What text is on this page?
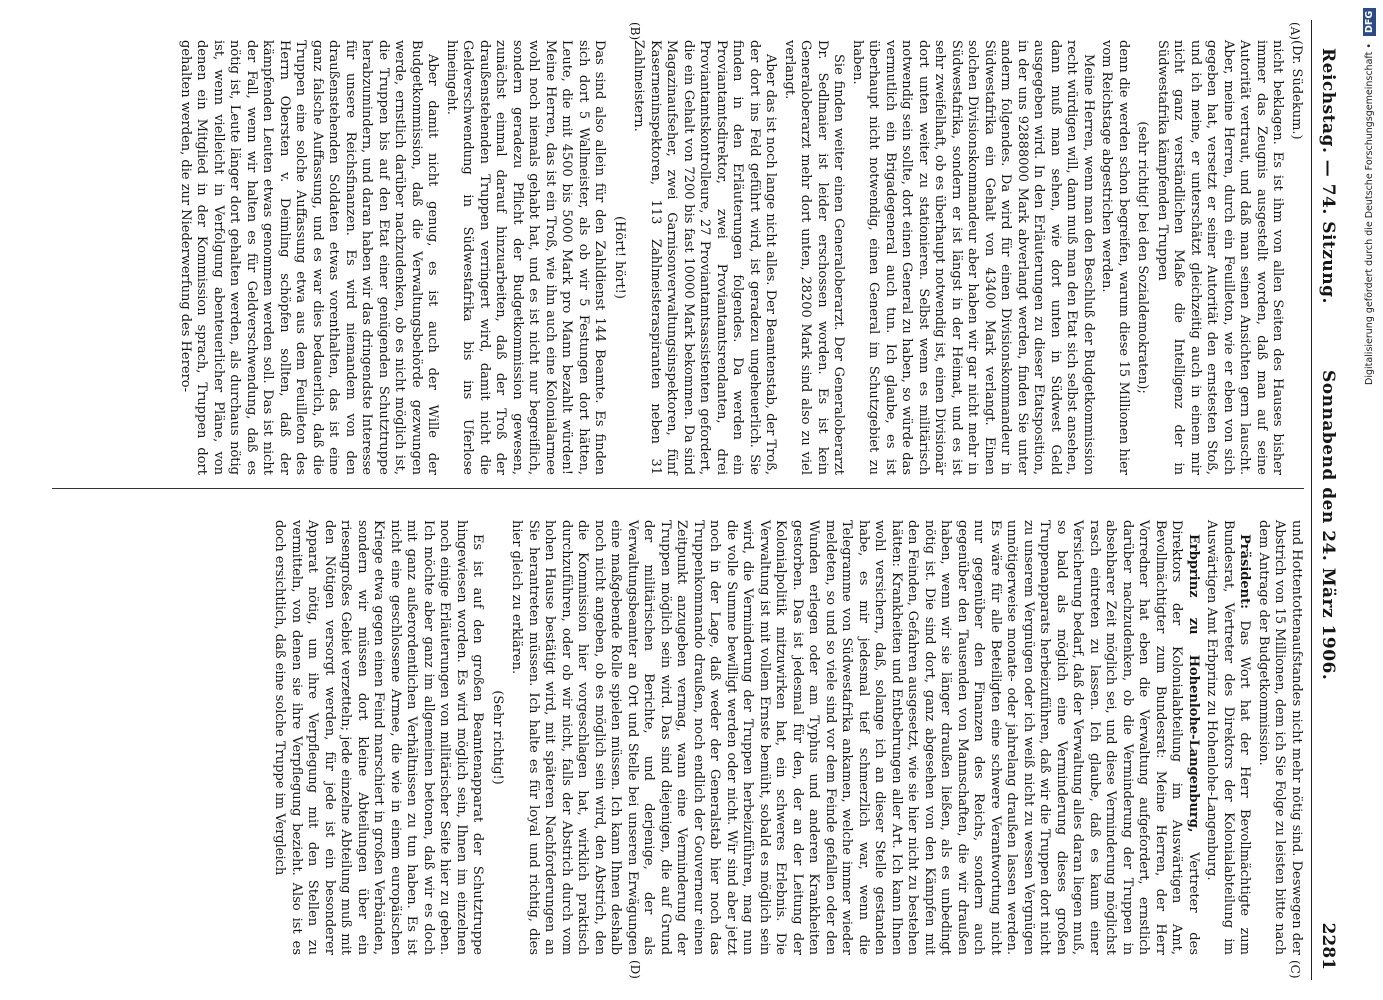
Reichstag. — 74. Sitzung.
Sonnabend den 24. März 1906.
2281
(A)
(B)
(C)
(D)

(Dr. Südekum.)

nicht beklagen. Es ist ihm von allen Seiten des Hauses bisher immer das Zeugnis ausgestellt worden, daß man auf seine Autorität vertraut, und daß man seinen Ansichten gern lauscht. Aber, meine Herren, durch ein Feuilleton, wie er eben von sich gegeben hat, versetzt er seiner Autorität den ernstesten Stoß, und ich meine, er unterschätzt gleichzeitig auch in einem mir nicht ganz verständlichen Maße die Intelligenz der in Südwestafrika kämpfenden Truppen

(sehr richtig! bei den Sozialdemokraten);

denn die werden schon begreifen, warum diese 15 Millionen hier vom Reichstage abgestrichen werden.

Meine Herren, wenn man den Beschluß der Budgetkommission recht würdigen will, dann muß man den Etat sich selbst ansehen, dann muß man sehen, wie dort unten in Südwest Geld ausgegeben wird. In den Erläuterungen zu dieser Etatsposition, in der uns 92888000 Mark abverlangt werden, finden Sie unter anderm folgendes. Da wird für einen Divisionskommandeur in Südwestafrika ein Gehalt von 43400 Mark verlangt. Einen solchen Divisionskommandeur aber haben wir gar nicht mehr in Südwestafrika, sondern er ist längst in der Heimat, und es ist sehr zweifelhaft, ob es überhaupt notwendig ist, einen Divisionär dort unten weiter zu stationieren. Selbst wenn es militärisch notwendig sein sollte, dort einen General zu haben, so würde das vermutlich ein Brigadegeneral auch tun. Ich glaube, es ist überhaupt nicht notwendig, einen General im Schutzgebiet zu haben.

Sie finden weiter einen Generaloberarzt. Der Generaloberarzt Dr. Sedlmaier ist leider erschossen worden. Es ist kein Generaloberarzt mehr dort unten, 28200 Mark sind also zu viel verlangt.

Aber das ist noch lange nicht alles. Der Beamtenstab, der Troß, der dort ins Feld geführt wird, ist geradezu ungeheuerlich. Sie finden in den Erläuterungen folgendes. Da werden ein Proviantamtsdirektor, zwei Proviantamtsrendanten, drei Proviantamtskontrolleure, 27 Proviantamtsassistenten gefordert, die ein Gehalt von 7200 bis fast 10000 Mark bekommen. Da sind Magazinaufseher, zwei Garnisonverwaltungsinspektoren, fünf Kaserneninspektoren, 113 Zahlmeisteraspiranten neben 31 Zahlmeistern.

(Hört! hört!)

Das sind also allein für den Zahldienst 144 Beamte. Es finden sich dort 5 Wallmeister, als ob wir 5 Festungen dort hätten, Leute, die mit 4500 bis 5000 Mark pro Mann bezahlt würden! Meine Herren, das ist ein Troß, wie ihn auch eine Kolonialarmee wohl noch niemals gehabt hat, und es ist nicht nur begreiflich, sondern geradezu Pflicht der Budgetkommission gewesen, zunächst einmal darauf hinzuarbeiten, daß der Troß der draußenstehenden Truppen verringert wird, damit nicht die Geldverschwendung in Südwestafrika bis ins Uferlose hineingeht.

Aber damit nicht genug, es ist auch der Wille der Budgetkommission, daß die Verwaltungsbehörde gezwungen werde, ernstlich darüber nachzudenken, ob es nicht möglich ist, die Truppen bis auf den Etat einer genügenden Schutztruppe herabzumindern, und daran haben wir das dringendste Interesse für unsere Reichsfinanzen. Es wird niemandem von den draußenstehenden Soldaten etwas vorenthalten, das ist eine ganz falsche Auffassung, und es war dies bedauerlich, daß die Truppen eine solche Auffassung etwa aus dem Feuilleton des Herrn Obersten v. Deimling schöpfen sollten, daß der kämpfenden Leuten etwas genommen werden soll. Das ist nicht der Fall, wenn wir halten es für Geldverschwendung, daß es nötig ist, Leute länger dort gehalten werden, als durchaus nötig ist, wenn vielleicht in Verfolgung abenteuerlicher Pläne, von denen ein Mitglied in der Kommission sprach, Truppen dort gehalten werden, die zur Niederwerfung des Herero-

und Hottentottenaufstandes nicht mehr nötig sind. Deswegen der Abstrich von 15 Millionen, dem ich Sie Folge zu leisten bitte nach dem Antrage der Budgetkommission.

Präsident: Das Wort hat der Herr Bevollmächtigte zum Bundesrat, Vertreter des Direktors der Kolonialabteilung im Auswärtigen Amt Erbprinz zu Hohenlohe-Langenburg.

Erbprinz zu Hohenlohe-Langenburg, Vertreter des Direktors der Kolonialabteilung im Auswärtigen Amt, Bevollmächtigter zum Bundesrat: Meine Herren, der Herr Vorredner hat eben die Verwaltung aufgefordert, ernstlich darüber nachzudenken, ob die Verminderung der Truppen in absehbarer Zeit möglich sei, und diese Verminderung möglichst rasch eintreten zu lassen. Ich glaube, daß es kaum einer Versicherung bedarf, daß der Verwaltung alles daran liegen muß, so bald als möglich eine Verminderung dieses großen Truppenapparats herbeizuführen, daß wir die Truppen dort nicht zu unserem Vergnügen oder ich weiß nicht zu wessen Vergnügen unnötigerweise monate- oder jahrelang draußen lassen werden. Es wäre für alle Beteiligten eine schwere Verantwortung nicht nur gegenüber den Finanzen des Reichs, sondern auch gegenüber den Tausenden von Mannschaften, die wir draußen haben, wenn wir sie länger draußen ließen, als es unbedingt nötig ist. Die sind dort, ganz abgesehen von den Kämpfen mit den Feinden, Gefahren ausgesetzt, wie sie hier nicht zu bestehen hätten: Krankheiten und Entbehrungen aller Art. Ich kann Ihnen wohl versichern, daß, solange ich an dieser Stelle gestanden habe, es mir jedesmal tief schmerzlich war, wenn die Telegramme von Südwestafrika ankamen, welche immer wieder meldeten, so und so viele sind vor dem Feinde gefallen oder den Wunden erlegen oder am Typhus und anderen Krankheiten gestorben. Das ist jedesmal für den, der an der Leitung der Kolonialpolitik mitzuwirken hat, ein schweres Erlebnis. Die Verwaltung ist mit vollem Ernste bemüht, sobald es möglich sein wird, die Verminderung der Truppen herbeizuführen, mag nun die volle Summe bewilligt werden oder nicht. Wir sind aber jetzt noch in der Lage, daß weder der Generalstab hier noch das Truppenkommando draußen, noch endlich der Gouverneur einen Zeitpunkt anzugeben vermag, wann eine Verminderung der Truppen möglich sein wird. Das sind diejenigen, die auf Grund der militärischen Berichte, und derjenige, der als Verwaltungsbeamter an Ort und Stelle bei unseren Erwägungen eine maßgebende Rolle spielen müssen. Ich kann Ihnen deshalb noch nicht angeben, ob es möglich sein wird, den Abstrich, den die Kommission hier vorgeschlagen hat, wirklich praktisch durchzuführen, oder ob wir nicht, falls der Abstrich durch vom hohen Hause bestätigt wird, mit späteren Nachforderungen an Sie herantreten müssen. Ich halte es für loyal und richtig, dies hier gleich zu erklären.

(Sehr richtig!)

Es ist auf den großen Beamtenapparat der Schutztruppe hingewiesen worden. Es wird möglich sein, Ihnen im einzelnen noch einige Erläuterungen von militärischer Seite hier zu geben. Ich möchte aber ganz im allgemeinen betonen, daß wir es doch mit ganz außerordentlichen Verhältnissen zu tun haben. Es ist nicht eine geschlossene Armee, die wie in einem europäischen Kriege etwa gegen einen Feind marschiert in großen Verbänden, sondern wir müssen dort kleine Abteilungen über ein riesengroßes Gebiet verzetteln; jede einzelne Abteilung muß mit den Nötigen versorgt werden, für jede ist ein besonderer Apparat nötig, um ihre Verpflegung mit den Stellen zu vermitteln, von denen sie ihre Verpflegung bezieht. Also ist es doch ersichtlich, daß eine solche Truppe im Vergleich

Digitalisierung gefördert durch die Deutsche Forschungsgemeinschaft • DFG
